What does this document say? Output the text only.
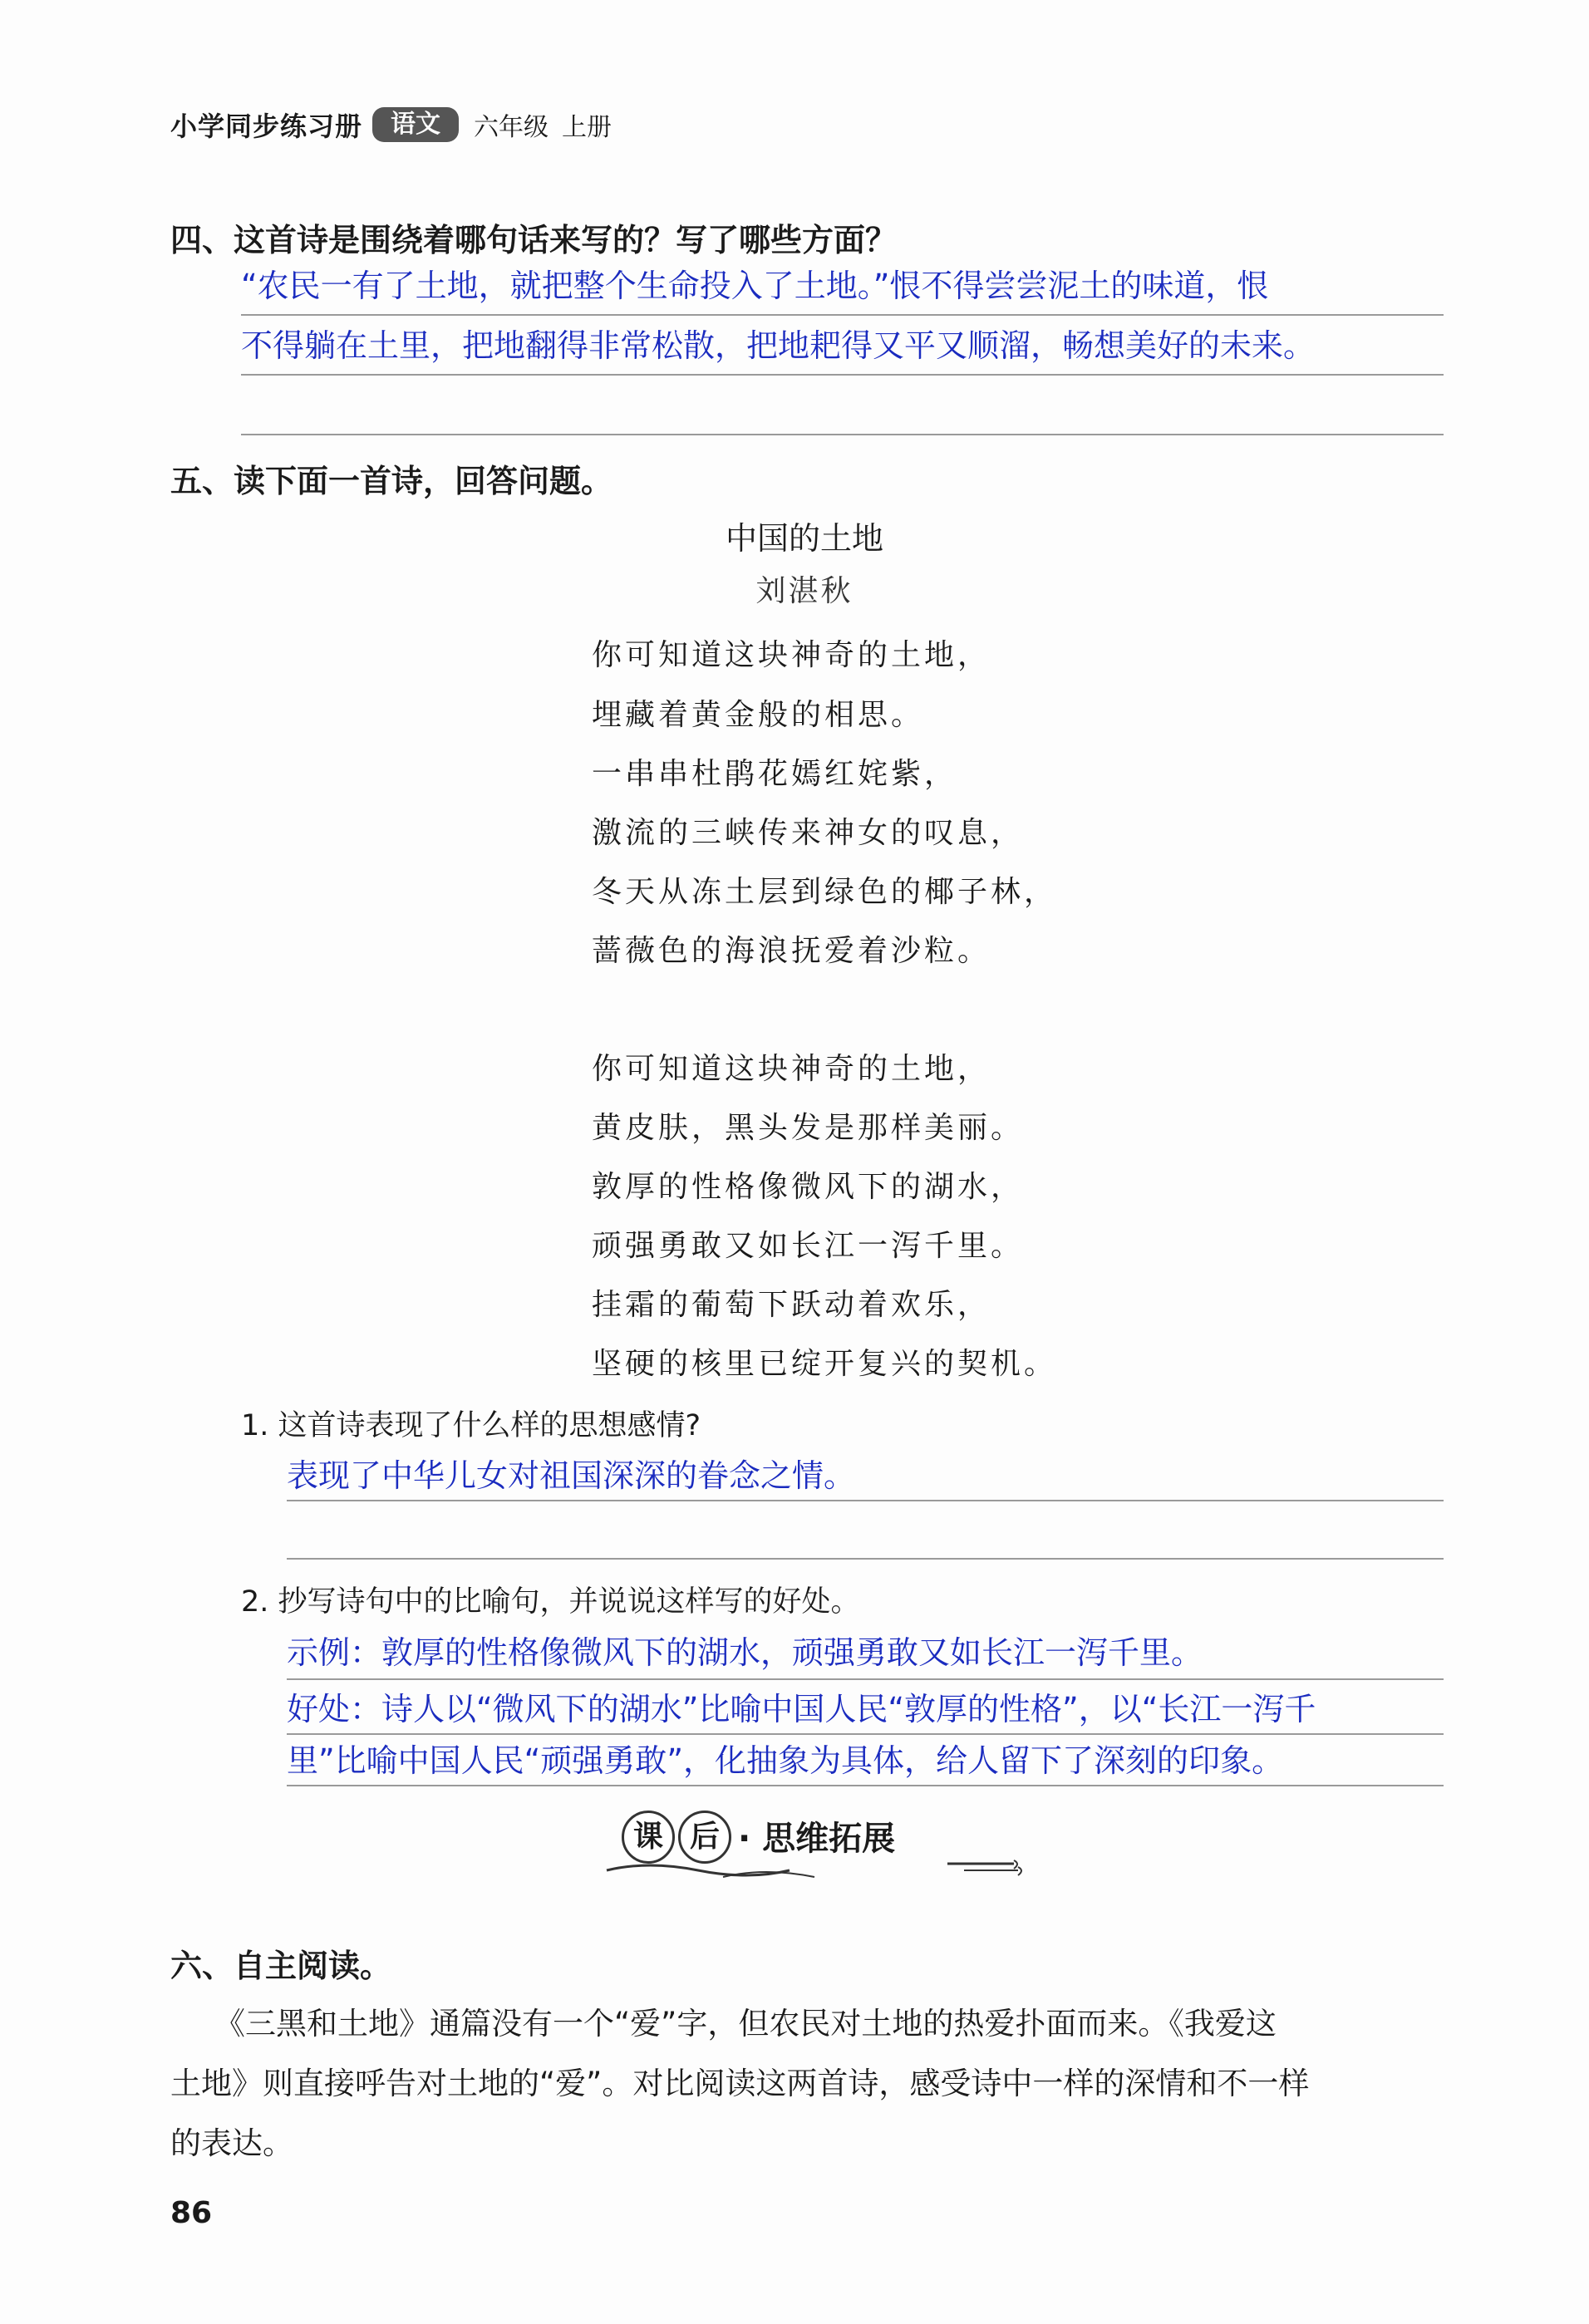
小学同步练习册	语文	六年级 上册
四、这首诗是围绕着哪句话来写的？写了哪些方面？
“农民一有了土地，就把整个生命投入了土地。”恨不得尝尝泥土的味道，恨
不得躺在土里，把地翻得非常松散，把地耙得又平又顺溜，畅想美好的未来。
五、读下面一首诗，回答问题。
中国的土地
刘湛秋
你可知道这块神奇的土地，
埋藏着黄金般的相思。
一串串杜鹃花嫣红姹紫，
激流的三峡传来神女的叹息，
冬天从冻土层到绿色的椰子林，
蔷薇色的海浪抚爱着沙粒。
你可知道这块神奇的土地，
黄皮肤，黑头发是那样美丽。
敦厚的性格像微风下的湖水，
顽强勇敢又如长江一泻千里。
挂霜的葡萄下跃动着欢乐，
坚硬的核里已绽开复兴的契机。
1. 这首诗表现了什么样的思想感情?
表现了中华儿女对祖国深深的眷念之情。
2. 抄写诗句中的比喻句，并说说这样写的好处。
示例：敦厚的性格像微风下的湖水，顽强勇敢又如长江一泻千里。
好处：诗人以“微风下的湖水”比喻中国人民“敦厚的性格”，以“长江一泻千
里”比喻中国人民“顽强勇敢”，化抽象为具体，给人留下了深刻的印象。
课 后 · 思维拓展
六、自主阅读。
《三黑和土地》通篇没有一个“爱”字，但农民对土地的热爱扑面而来。《我爱这
土地》则直接呼告对土地的“爱”。对比阅读这两首诗，感受诗中一样的深情和不一样
的表达。
86
